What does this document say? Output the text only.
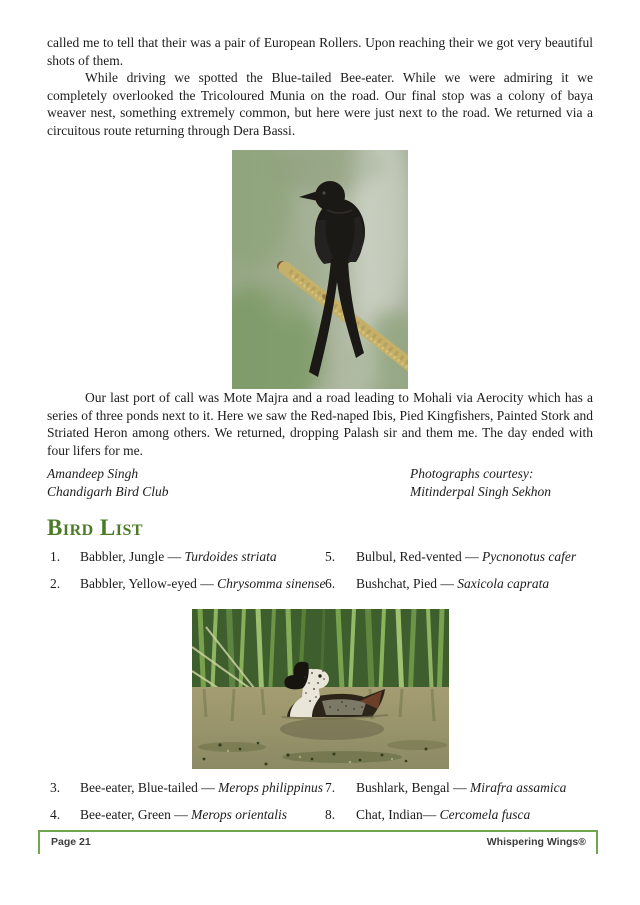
called me to tell that their was a pair of European Rollers. Upon reaching their we got very beautiful shots of them.

While driving we spotted the Blue-tailed Bee-eater. While we were admiring it we completely overlooked the Tricoloured Munia on the road. Our final stop was a colony of baya weaver nest, something extremely common, but here were just next to the road. We returned via a circuitous route returning through Dera Bassi.

Our last port of call was Mote Majra and a road leading to Mohali via Aerocity which has a series of three ponds next to it. Here we saw the Red-naped Ibis, Pied Kingfishers, Painted Stork and Striated Heron among others. We returned, dropping Palash sir and them me. The day ended with four lifers for me.

Amandeep Singh
Chandigarh Bird Club
Photographs courtesy:
Mitinderpal Singh Sekhon
Bird List
1. Babbler, Jungle — Turdoides striata	5. Bulbul, Red-vented — Pycnonotus cafer
2. Babbler, Yellow-eyed — Chrysomma sinense 6. Bushchat, Pied — Saxicola caprata
3. Bee-eater, Blue-tailed — Merops philippinus 7. Bushlark, Bengal — Mirafra assamica
4. Bee-eater, Green — Merops orientalis	8. Chat, Indian— Cercomela fusca
Page 21	Whispering Wings®
